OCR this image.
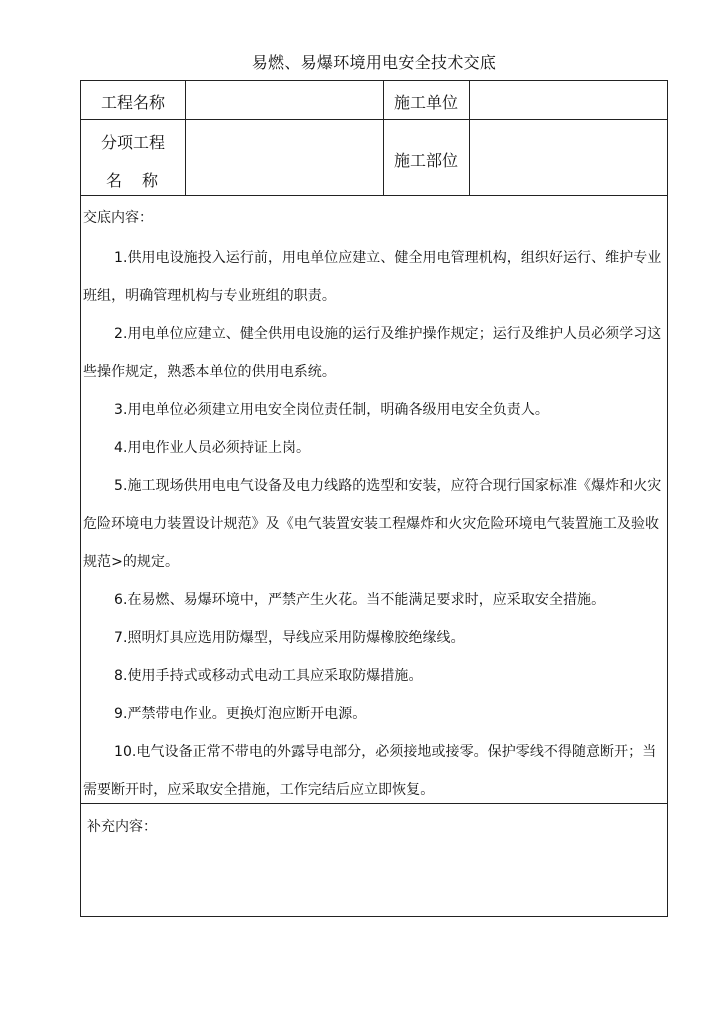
易燃、易爆环境用电安全技术交底
工程名称	施工单位
分项工程
名　称
施工部位
交底内容：

1.供用电设施投入运行前，用电单位应建立、健全用电管理机构，组织好运行、维护专业班组，明确管理机构与专业班组的职责。

2.用电单位应建立、健全供用电设施的运行及维护操作规定；运行及维护人员必须学习这些操作规定，熟悉本单位的供用电系统。

3.用电单位必须建立用电安全岗位责任制，明确各级用电安全负责人。

4.用电作业人员必须持证上岗。

5.施工现场供用电电气设备及电力线路的选型和安装，应符合现行国家标准《爆炸和火灾危险环境电力装置设计规范》及《电气装置安装工程爆炸和火灾危险环境电气装置施工及验收规范>的规定。

6.在易燃、易爆环境中，严禁产生火花。当不能满足要求时，应采取安全措施。

7.照明灯具应选用防爆型，导线应采用防爆橡胶绝缘线。

8.使用手持式或移动式电动工具应采取防爆措施。

9.严禁带电作业。更换灯泡应断开电源。

10.电气设备正常不带电的外露导电部分，必须接地或接零。保护零线不得随意断开；当需要断开时，应采取安全措施，工作完结后应立即恢复。

补充内容：
